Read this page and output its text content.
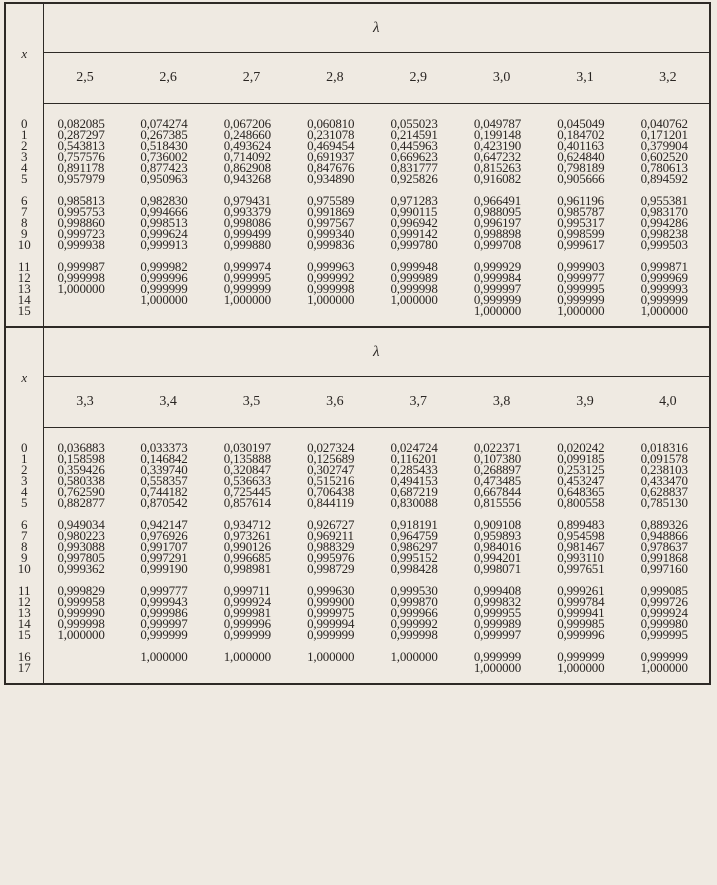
x	λ							
	2,5	2,6	2,7	2,8	2,9	3,0	3,1	3,2
0	0,082085	0,074274	0,067206	0,060810	0,055023	0,049787	0,045049	0,040762
1	0,287297	0,267385	0,248660	0,231078	0,214591	0,199148	0,184702	0,171201
2	0,543813	0,518430	0,493624	0,469454	0,445963	0,423190	0,401163	0,379904
3	0,757576	0,736002	0,714092	0,691937	0,669623	0,647232	0,624840	0,602520
4	0,891178	0,877423	0,862908	0,847676	0,831777	0,815263	0,798189	0,780613
5	0,957979	0,950963	0,943268	0,934890	0,925826	0,916082	0,905666	0,894592

6	0,985813	0,982830	0,979431	0,975589	0,971283	0,966491	0,961196	0,955381
7	0,995753	0,994666	0,993379	0,991869	0,990115	0,988095	0,985787	0,983170
8	0,998860	0,998513	0,998086	0,997567	0,996942	0,996197	0,995317	0,994286
9	0,999723	0,999624	0,999499	0,999340	0,999142	0,998898	0,998599	0,998238
10	0,999938	0,999913	0,999880	0,999836	0,999780	0,999708	0,999617	0,999503

11	0,999987	0,999982	0,999974	0,999963	0,999948	0,999929	0,999903	0,999871
12	0,999998	0,999996	0,999995	0,999992	0,999989	0,999984	0,999977	0,999969
13	1,000000	0,999999	0,999999	0,999998	0,999998	0,999997	0,999995	0,999993
14		1,000000	1,000000	1,000000	1,000000	0,999999	0,999999	0,999999
15						1,000000	1,000000	1,000000

x	λ							
	3,3	3,4	3,5	3,6	3,7	3,8	3,9	4,0
0	0,036883	0,033373	0,030197	0,027324	0,024724	0,022371	0,020242	0,018316
1	0,158598	0,146842	0,135888	0,125689	0,116201	0,107380	0,099185	0,091578
2	0,359426	0,339740	0,320847	0,302747	0,285433	0,268897	0,253125	0,238103
3	0,580338	0,558357	0,536633	0,515216	0,494153	0,473485	0,453247	0,433470
4	0,762590	0,744182	0,725445	0,706438	0,687219	0,667844	0,648365	0,628837
5	0,882877	0,870542	0,857614	0,844119	0,830088	0,815556	0,800558	0,785130

6	0,949034	0,942147	0,934712	0,926727	0,918191	0,909108	0,899483	0,889326
7	0,980223	0,976926	0,973261	0,969211	0,964759	0,959893	0,954598	0,948866
8	0,993088	0,991707	0,990126	0,988329	0,986297	0,984016	0,981467	0,978637
9	0,997805	0,997291	0,996685	0,995976	0,995152	0,994201	0,993110	0,991868
10	0,999362	0,999190	0,998981	0,998729	0,998428	0,998071	0,997651	0,997160

11	0,999829	0,999777	0,999711	0,999630	0,999530	0,999408	0,999261	0,999085
12	0,999958	0,999943	0,999924	0,999900	0,999870	0,999832	0,999784	0,999726
13	0,999990	0,999986	0,999981	0,999975	0,999966	0,999955	0,999941	0,999924
14	0,999998	0,999997	0,999996	0,999994	0,999992	0,999989	0,999985	0,999980
15	1,000000	0,999999	0,999999	0,999999	0,999998	0,999997	0,999996	0,999995

16		1,000000	1,000000	1,000000	1,000000	0,999999	0,999999	0,999999
17						1,000000	1,000000	1,000000
